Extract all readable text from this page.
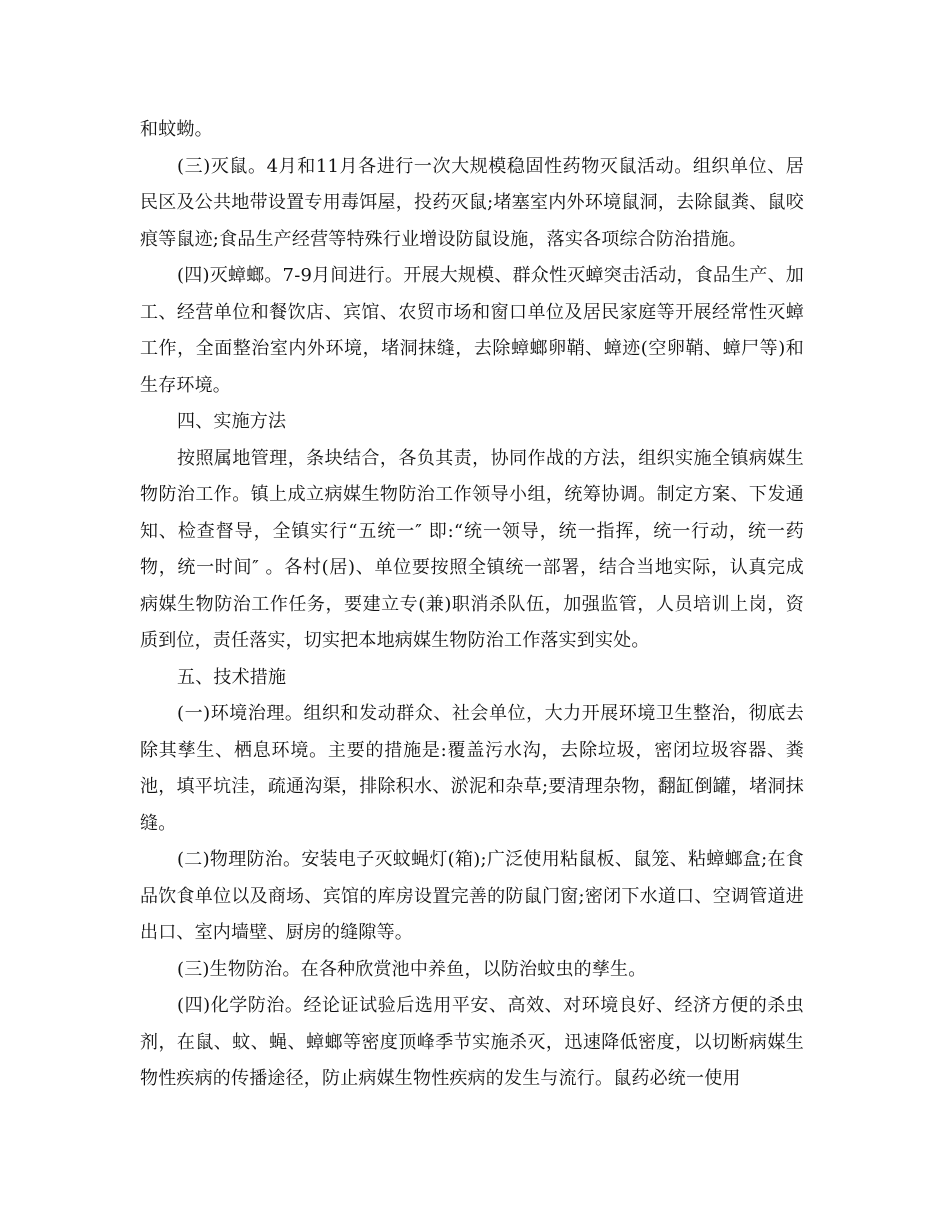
和蚊蚴。

(三)灭鼠。4月和11月各进行一次大规模稳固性药物灭鼠活动。组织单位、居民区及公共地带设置专用毒饵屋，投药灭鼠;堵塞室内外环境鼠洞，去除鼠粪、鼠咬痕等鼠迹;食品生产经营等特殊行业增设防鼠设施，落实各项综合防治措施。

(四)灭蟑螂。7-9月间进行。开展大规模、群众性灭蟑突击活动，食品生产、加工、经营单位和餐饮店、宾馆、农贸市场和窗口单位及居民家庭等开展经常性灭蟑工作，全面整治室内外环境，堵洞抹缝，去除蟑螂卵鞘、蟑迹(空卵鞘、蟑尸等)和生存环境。

四、实施方法

按照属地管理，条块结合，各负其责，协同作战的方法，组织实施全镇病媒生物防治工作。镇上成立病媒生物防治工作领导小组，统筹协调。制定方案、下发通知、检查督导，全镇实行“五统一″ 即:“统一领导，统一指挥，统一行动，统一药物，统一时间″ 。各村(居)、单位要按照全镇统一部署，结合当地实际，认真完成病媒生物防治工作任务，要建立专(兼)职消杀队伍，加强监管，人员培训上岗，资质到位，责任落实，切实把本地病媒生物防治工作落实到实处。

五、技术措施

(一)环境治理。组织和发动群众、社会单位，大力开展环境卫生整治，彻底去除其孳生、栖息环境。主要的措施是:覆盖污水沟，去除垃圾，密闭垃圾容器、粪池，填平坑洼，疏通沟渠，排除积水、淤泥和杂草;要清理杂物，翻缸倒罐，堵洞抹缝。

(二)物理防治。安装电子灭蚊蝇灯(箱);广泛使用粘鼠板、鼠笼、粘蟑螂盒;在食品饮食单位以及商场、宾馆的库房设置完善的防鼠门窗;密闭下水道口、空调管道进出口、室内墙壁、厨房的缝隙等。

(三)生物防治。在各种欣赏池中养鱼，以防治蚊虫的孳生。

(四)化学防治。经论证试验后选用平安、高效、对环境良好、经济方便的杀虫剂，在鼠、蚊、蝇、蟑螂等密度顶峰季节实施杀灭，迅速降低密度，以切断病媒生物性疾病的传播途径，防止病媒生物性疾病的发生与流行。鼠药必统一使用
